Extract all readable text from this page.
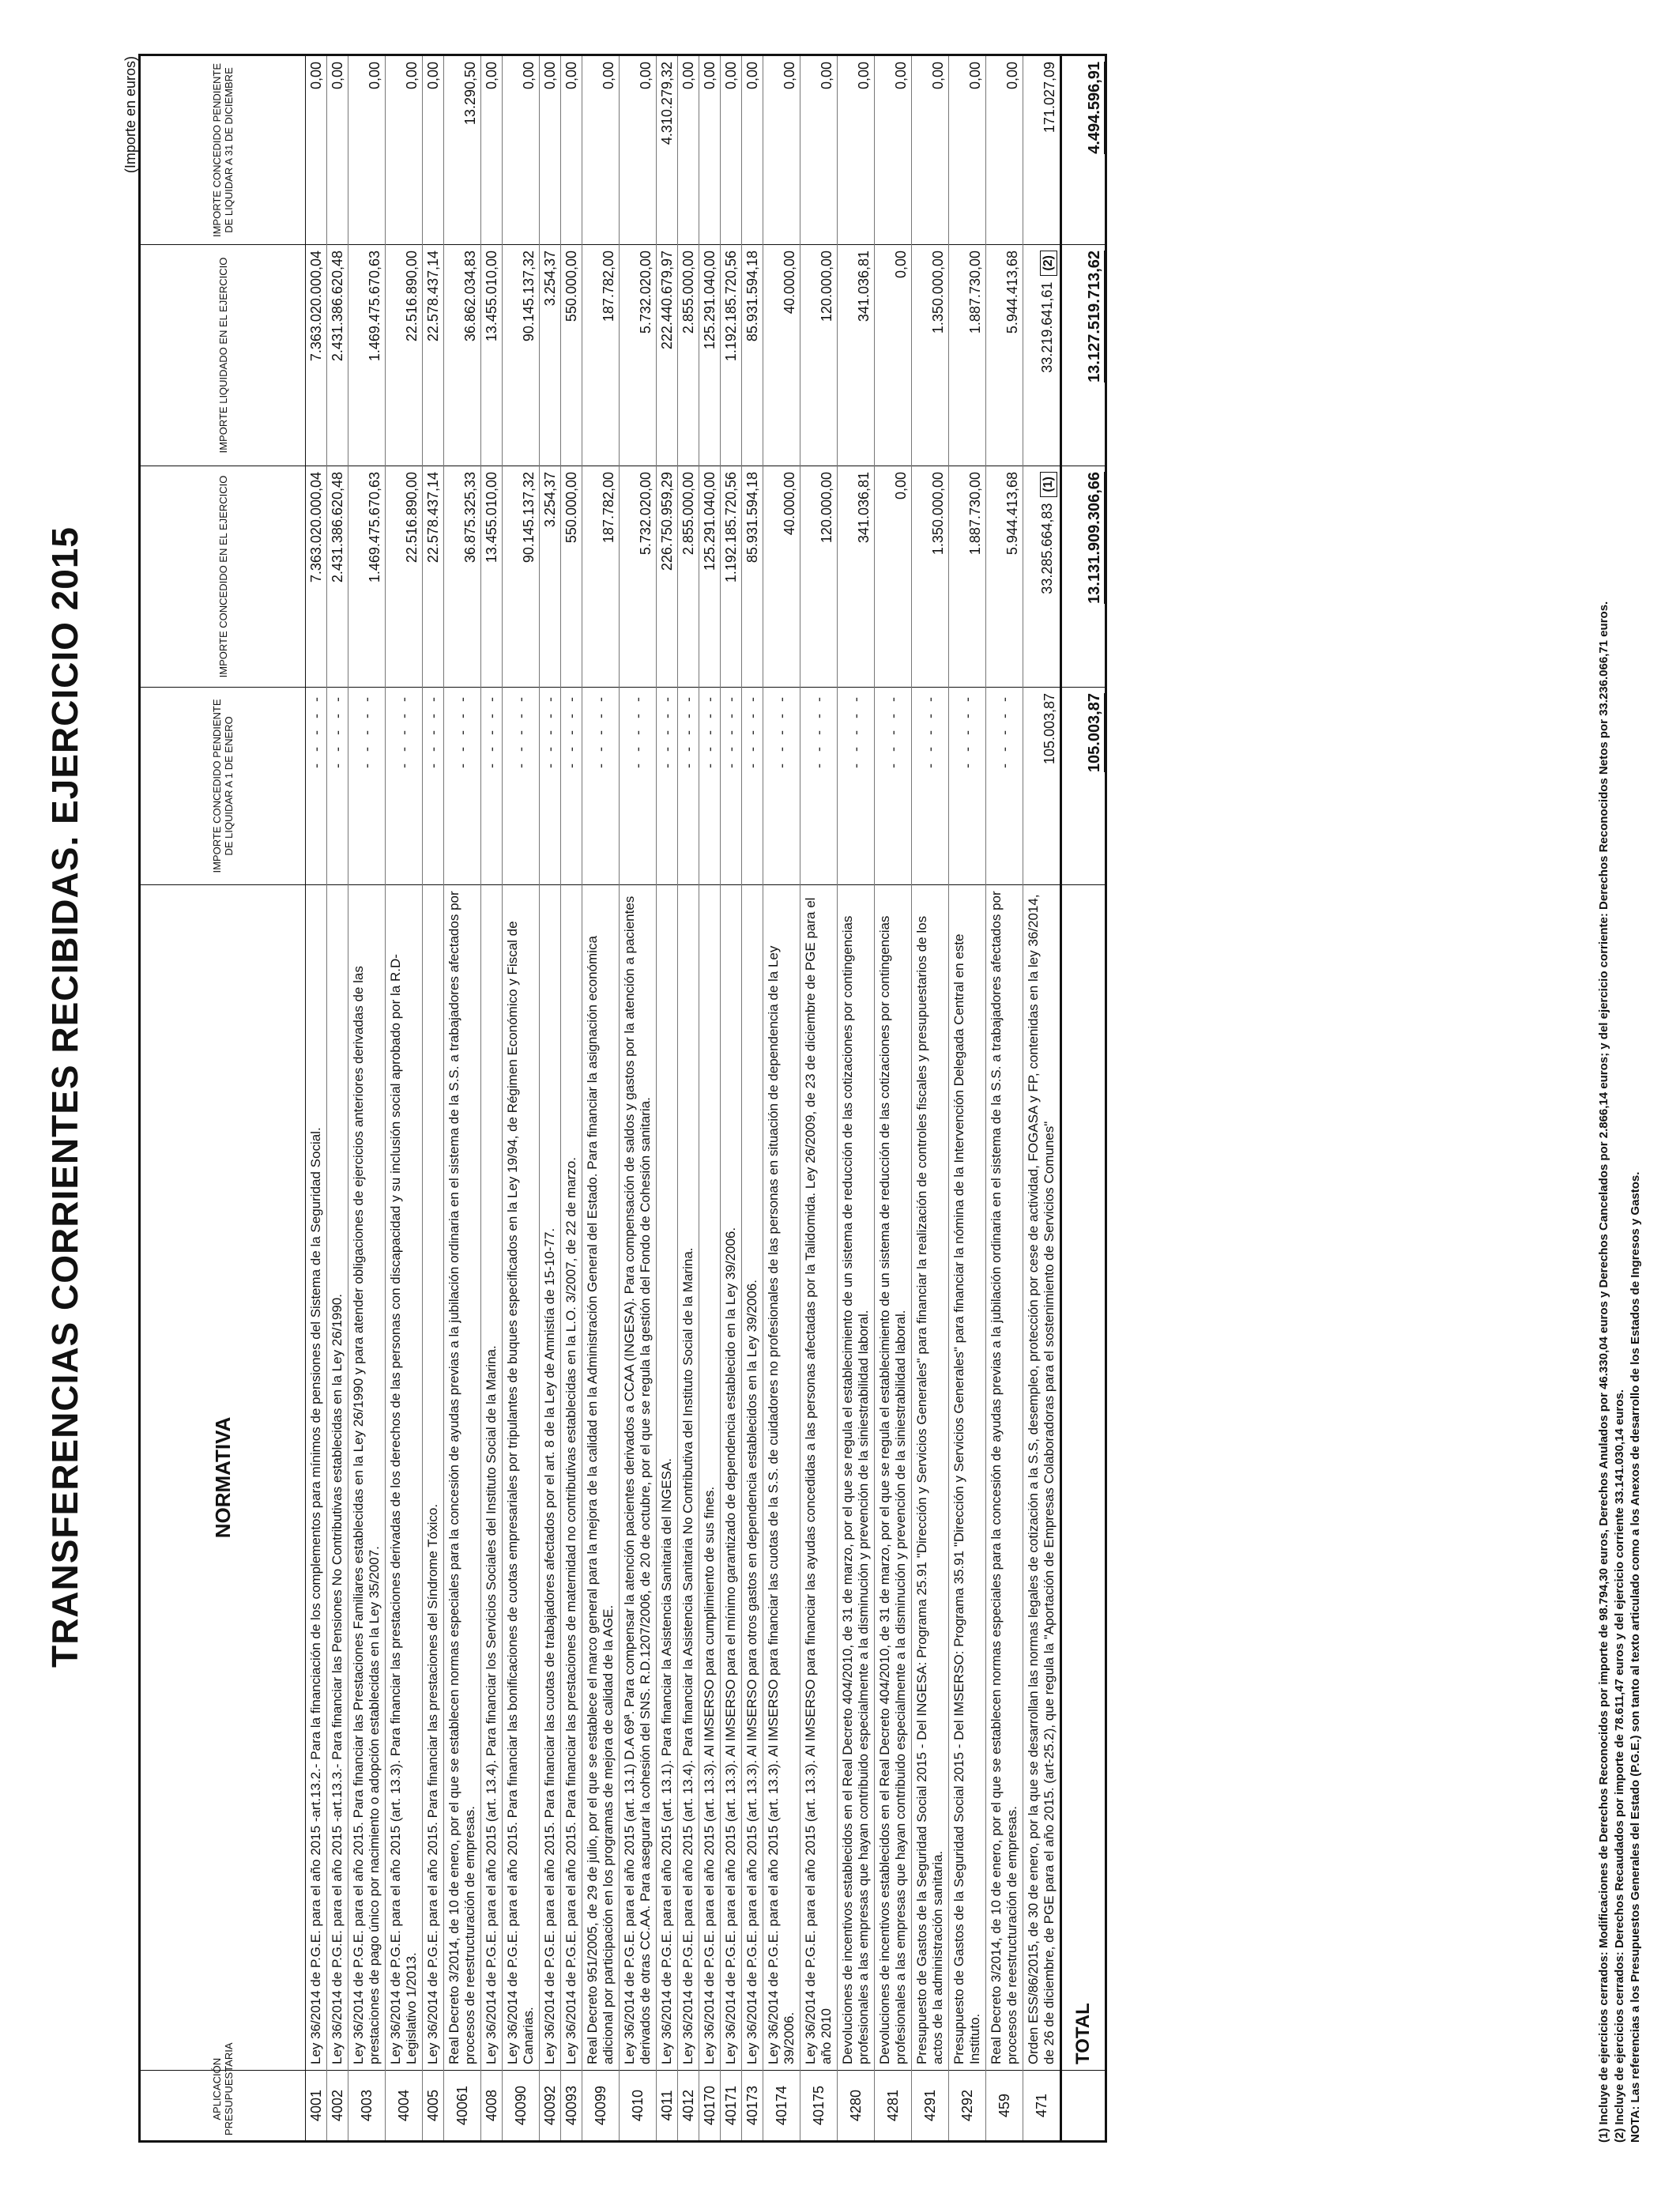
TRANSFERENCIAS CORRIENTES RECIBIDAS. EJERCICIO 2015
(Importe en euros)
APLICACIÓN PRESUPUESTARIA	NORMATIVA	IMPORTE CONCEDIDO PENDIENTE DE LIQUIDAR A 1 DE ENERO	IMPORTE CONCEDIDO EN EL EJERCICIO	IMPORTE LIQUIDADO EN EL EJERCICIO	IMPORTE CONCEDIDO PENDIENTE DE LIQUIDAR A 31 DE DICIEMBRE
4001	Ley 36/2014 de P.G.E. para el año 2015 -art.13.2.- Para la financiación de los complementos para mínimos de pensiones del Sistema de la Seguridad Social.	- - - - -	7.363.020.000,04	7.363.020.000,04	0,00
4002	Ley 36/2014 de P.G.E. para el año 2015 -art.13.3.- Para financiar las Pensiones No Contributivas establecidas en la Ley 26/1990.	- - - - -	2.431.386.620,48	2.431.386.620,48	0,00
4003	Ley 36/2014 de P.G.E. para el año 2015. Para financiar las Prestaciones Familiares establecidas en la Ley 26/1990 y para atender obligaciones de ejercicios anteriores derivadas de las prestaciones de pago único por nacimiento o adopción establecidas en la Ley 35/2007.	- - - - -	1.469.475.670,63	1.469.475.670,63	0,00
4004	Ley 36/2014 de P.G.E. para el año 2015 (art. 13.3). Para financiar las prestaciones derivadas de los derechos de las personas con discapacidad y su inclusión social aprobado por la R.D-Legislativo 1/2013.	- - - - -	22.516.890,00	22.516.890,00	0,00
4005	Ley 36/2014 de P.G.E. para el año 2015. Para financiar las prestaciones del Síndrome Tóxico.	- - - - -	22.578.437,14	22.578.437,14	0,00
40061	Real Decreto 3/2014, de 10 de enero, por el que se establecen normas especiales para la concesión de ayudas previas a la jubilación ordinaria en el sistema de la S.S. a trabajadores afectados por procesos de reestructuración de empresas.	- - - - -	36.875.325,33	36.862.034,83	13.290,50
4008	Ley 36/2014 de P.G.E. para el año 2015 (art. 13.4). Para financiar los Servicios Sociales del Instituto Social de la Marina.	- - - - -	13.455.010,00	13.455.010,00	0,00
40090	Ley 36/2014 de P.G.E. para el año 2015. Para financiar las bonificaciones de cuotas empresariales por tripulantes de buques especificados en la Ley 19/94, de Régimen Económico y Fiscal de Canarias.	- - - - -	90.145.137,32	90.145.137,32	0,00
40092	Ley 36/2014 de P.G.E. para el año 2015. Para financiar las cuotas de trabajadores afectados por el art. 8 de la Ley de Amnistía de 15-10-77.	- - - - -	3.254,37	3.254,37	0,00
40093	Ley 36/2014 de P.G.E. para el año 2015. Para financiar las prestaciones de maternidad no contributivas establecidas en la L.O. 3/2007, de 22 de marzo.	- - - - -	550.000,00	550.000,00	0,00
40099	Real Decreto 951/2005, de 29 de julio, por el que se establece el marco general para la mejora de la calidad en la Administración General del Estado. Para financiar la asignación económica adicional por participación en los programas de mejora de calidad de la AGE.	- - - - -	187.782,00	187.782,00	0,00
4010	Ley 36/2014 de P.G.E. para el año 2015 (art. 13.1) D.A 69ª. Para compensar la atención pacientes derivados a CCAA (INGESA). Para compensación de saldos y gastos por la atención a pacientes derivados de otras CC.AA. Para asegurar la cohesión del SNS. R.D.1207/2006, de 20 de octubre, por el que se regula la gestión del Fondo de Cohesión sanitaria.	- - - - -	5.732.020,00	5.732.020,00	0,00
4011	Ley 36/2014 de P.G.E. para el año 2015 (art. 13.1). Para financiar la Asistencia Sanitaria del INGESA.	- - - - -	226.750.959,29	222.440.679,97	4.310.279,32
4012	Ley 36/2014 de P.G.E. para el año 2015 (art. 13.4). Para financiar la Asistencia Sanitaria No Contributiva del Instituto Social de la Marina.	- - - - -	2.855.000,00	2.855.000,00	0,00
40170	Ley 36/2014 de P.G.E. para el año 2015 (art. 13.3). Al IMSERSO para cumplimiento de sus fines.	- - - - -	125.291.040,00	125.291.040,00	0,00
40171	Ley 36/2014 de P.G.E. para el año 2015 (art. 13.3). Al IMSERSO para el mínimo garantizado de dependencia establecido en la Ley 39/2006.	- - - - -	1.192.185.720,56	1.192.185.720,56	0,00
40173	Ley 36/2014 de P.G.E. para el año 2015 (art. 13.3). Al IMSERSO para otros gastos en dependencia establecidos en la Ley 39/2006.	- - - - -	85.931.594,18	85.931.594,18	0,00
40174	Ley 36/2014 de P.G.E. para el año 2015 (art. 13.3). Al IMSERSO para financiar las cuotas de la S.S. de cuidadores no profesionales de las personas en situación de dependencia de la Ley 39/2006.	- - - - -	40.000,00	40.000,00	0,00
40175	Ley 36/2014 de P.G.E. para el año 2015 (art. 13.3). Al IMSERSO para financiar las ayudas concedidas a las personas afectadas por la Talidomida. Ley 26/2009, de 23 de diciembre de PGE para el año 2010	- - - - -	120.000,00	120.000,00	0,00
4280	Devoluciones de incentivos establecidos en el Real Decreto 404/2010, de 31 de marzo, por el que se regula el establecimiento de un sistema de reducción de las cotizaciones por contingencias profesionales a las empresas que hayan contribuido especialmente a la disminución y prevención de la siniestrabilidad laboral.	- - - - -	341.036,81	341.036,81	0,00
4281	Devoluciones de incentivos establecidos en el Real Decreto 404/2010, de 31 de marzo, por el que se regula el establecimiento de un sistema de reducción de las cotizaciones por contingencias profesionales a las empresas que hayan contribuido especialmente a la disminución y prevención de la siniestrabilidad laboral.	- - - - -	0,00	0,00	0,00
4291	Presupuesto de Gastos de la Seguridad Social 2015 - Del INGESA: Programa 25.91 "Dirección y Servicios Generales" para financiar la realización de controles fiscales y presupuestarios de los actos de la administración sanitaria.	- - - - -	1.350.000,00	1.350.000,00	0,00
4292	Presupuesto de Gastos de la Seguridad Social 2015 - Del IMSERSO: Programa 35.91 "Dirección y Servicios Generales" para financiar la nómina de la Intervención Delegada Central en este Instituto.	- - - - -	1.887.730,00	1.887.730,00	0,00
459	Real Decreto 3/2014, de 10 de enero, por el que se establecen normas especiales para la concesión de ayudas previas a la jubilación ordinaria en el sistema de la S.S. a trabajadores afectados por procesos de reestructuración de empresas.	- - - - -	5.944.413,68	5.944.413,68	0,00
471	Orden ESS/86/2015, de 30 de enero, por la que se desarrollan las normas legales de cotización a la S.S, desempleo, protección por cese de actividad, FOGASA y FP, contenidas en la ley 36/2014, de 26 de diciembre, de PGE para el año 2015. (art-25.2), que regula la "Aportación de Empresas Colaboradoras para el sostenimiento de Servicios Comunes"	105.003,87	33.285.664,83(1)	33.219.641,61(2)	171.027,09
	TOTAL	105.003,87	13.131.909.306,66	13.127.519.713,62	4.494.596,91
(1) Incluye de ejercicios cerrados: Modificaciones de Derechos Reconocidos por importe de 98.794,30 euros, Derechos Anulados por 46.330,04 euros y Derechos Cancelados por 2.866,14 euros; y del ejercicio corriente: Derechos Reconocidos Netos por 33.236.066,71 euros. (2) Incluye de ejercicios cerrados: Derechos Recaudados por importe de 78.611,47 euros y del ejercicio corriente 33.141.030,14 euros. NOTA: Las referencias a los Presupuestos Generales del Estado (P.G.E.) son tanto al texto articulado como a los Anexos de desarrollo de los Estados de Ingresos y Gastos.
